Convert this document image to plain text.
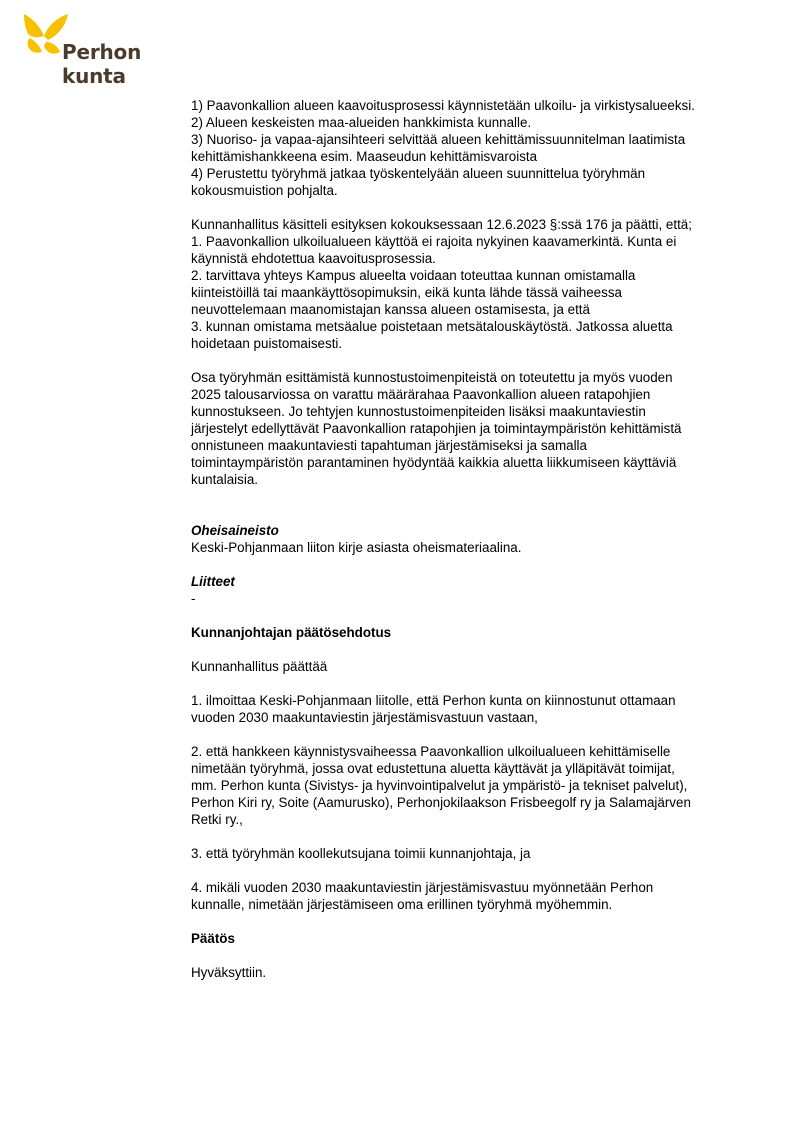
Perhon kunta

1) Paavonkallion alueen kaavoitusprosessi käynnistetään ulkoilu- ja virkistysalueeksi.

2) Alueen keskeisten maa-alueiden hankkimista kunnalle.

3) Nuoriso- ja vapaa-ajansihteeri selvittää alueen kehittämissuunnitelman laatimista kehittämishankkeena esim. Maaseudun kehittämisvaroista

4) Perustettu työryhmä jatkaa työskentelyään alueen suunnittelua työryhmän kokousmuistion pohjalta.

Kunnanhallitus käsitteli esityksen kokouksessaan 12.6.2023 §:ssä 176 ja päätti, että;

1. Paavonkallion ulkoilualueen käyttöä ei rajoita nykyinen kaavamerkintä. Kunta ei käynnistä ehdotettua kaavoitusprosessia.

2. tarvittava yhteys Kampus alueelta voidaan toteuttaa kunnan omistamalla kiinteistöillä tai maankäyttösopimuksin, eikä kunta lähde tässä vaiheessa neuvottelemaan maanomistajan kanssa alueen ostamisesta, ja että

3. kunnan omistama metsäalue poistetaan metsätalouskäytöstä. Jatkossa aluetta hoidetaan puistomaisesti.

Osa työryhmän esittämistä kunnostustoimenpiteistä on toteutettu ja myös vuoden 2025 talousarviossa on varattu määrärahaa Paavonkallion alueen ratapohjien kunnostukseen. Jo tehtyjen kunnostustoimenpiteiden lisäksi maakuntaviestin järjestelyt edellyttävät Paavonkallion ratapohjien ja toimintaympäristön kehittämistä onnistuneen maakuntaviesti tapahtuman järjestämiseksi ja samalla toimintaympäristön parantaminen hyödyntää kaikkia aluetta liikkumiseen käyttäviä kuntalaisia.

Oheisaineisto

Keski-Pohjanmaan liiton kirje asiasta oheismateriaalina.

Liitteet

-

Kunnanjohtajan päätösehdotus

Kunnanhallitus päättää

1. ilmoittaa Keski-Pohjanmaan liitolle, että Perhon kunta on kiinnostunut ottamaan vuoden 2030 maakuntaviestin järjestämisvastuun vastaan,

2. että hankkeen käynnistysvaiheessa Paavonkallion ulkoilualueen kehittämiselle nimetään työryhmä, jossa ovat edustettuna aluetta käyttävät ja ylläpitävät toimijat, mm. Perhon kunta (Sivistys- ja hyvinvointipalvelut ja ympäristö- ja tekniset palvelut), Perhon Kiri ry, Soite (Aamurusko), Perhonjokilaakson Frisbeegolf ry ja Salamajärven Retki ry.,

3. että työryhmän koollekutsujana toimii kunnanjohtaja, ja

4. mikäli vuoden 2030 maakuntaviestin järjestämisvastuu myönnetään Perhon kunnalle, nimetään järjestämiseen oma erillinen työryhmä myöhemmin.

Päätös

Hyväksyttiin.
